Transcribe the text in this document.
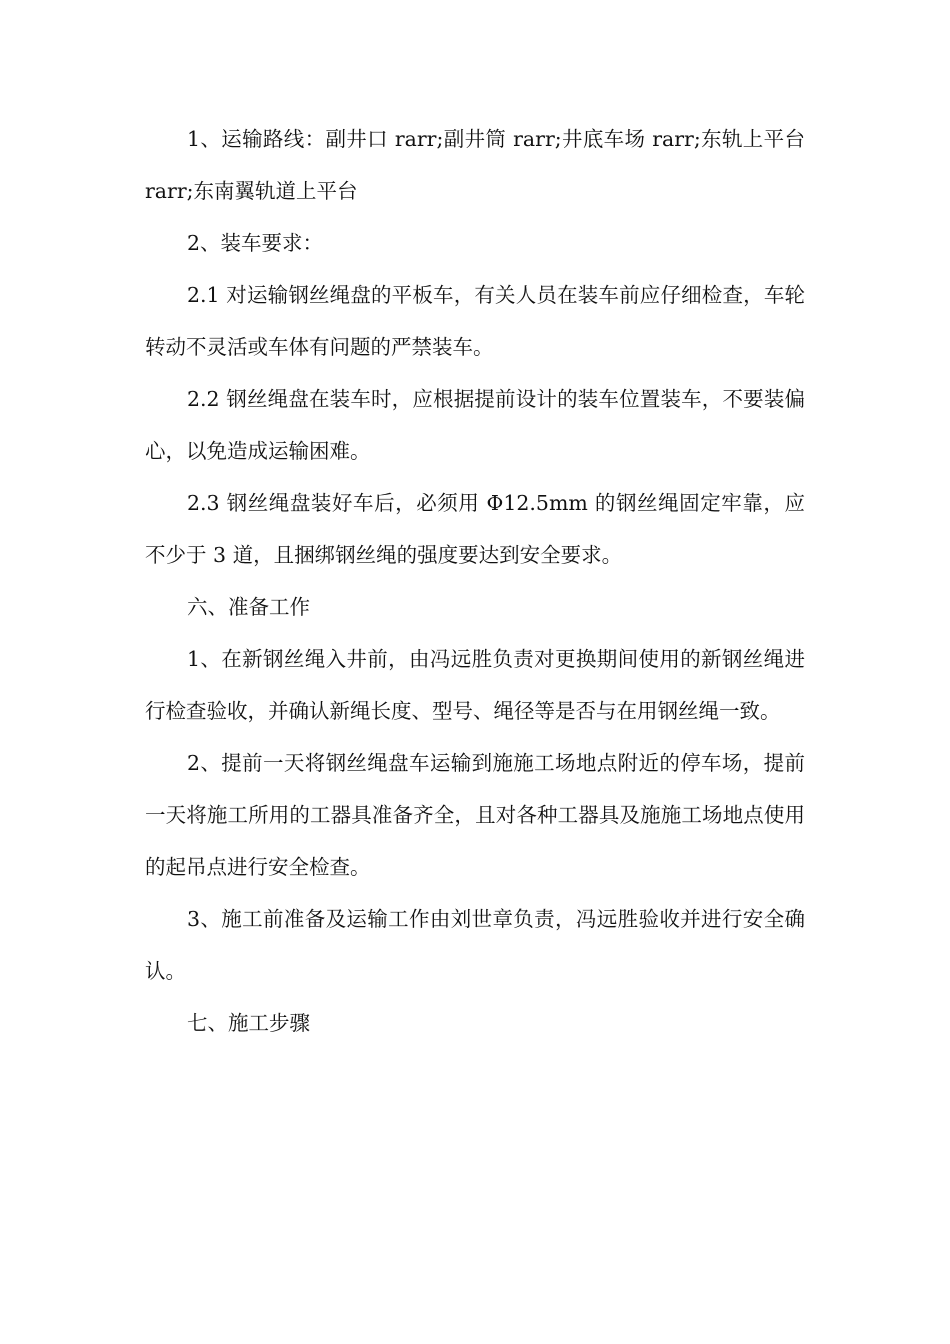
1、运输路线：副井口 rarr;副井筒 rarr;井底车场 rarr;东轨上平台 rarr;东南翼轨道上平台

2、装车要求：

2.1 对运输钢丝绳盘的平板车，有关人员在装车前应仔细检查，车轮转动不灵活或车体有问题的严禁装车。

2.2 钢丝绳盘在装车时，应根据提前设计的装车位置装车，不要装偏心，以免造成运输困难。

2.3 钢丝绳盘装好车后，必须用 Φ12.5mm 的钢丝绳固定牢靠，应不少于 3 道，且捆绑钢丝绳的强度要达到安全要求。

六、准备工作

1、在新钢丝绳入井前，由冯远胜负责对更换期间使用的新钢丝绳进行检查验收，并确认新绳长度、型号、绳径等是否与在用钢丝绳一致。

2、提前一天将钢丝绳盘车运输到施施工场地点附近的停车场，提前一天将施工所用的工器具准备齐全，且对各种工器具及施施工场地点使用的起吊点进行安全检查。

3、施工前准备及运输工作由刘世章负责，冯远胜验收并进行安全确认。

七、施工步骤
